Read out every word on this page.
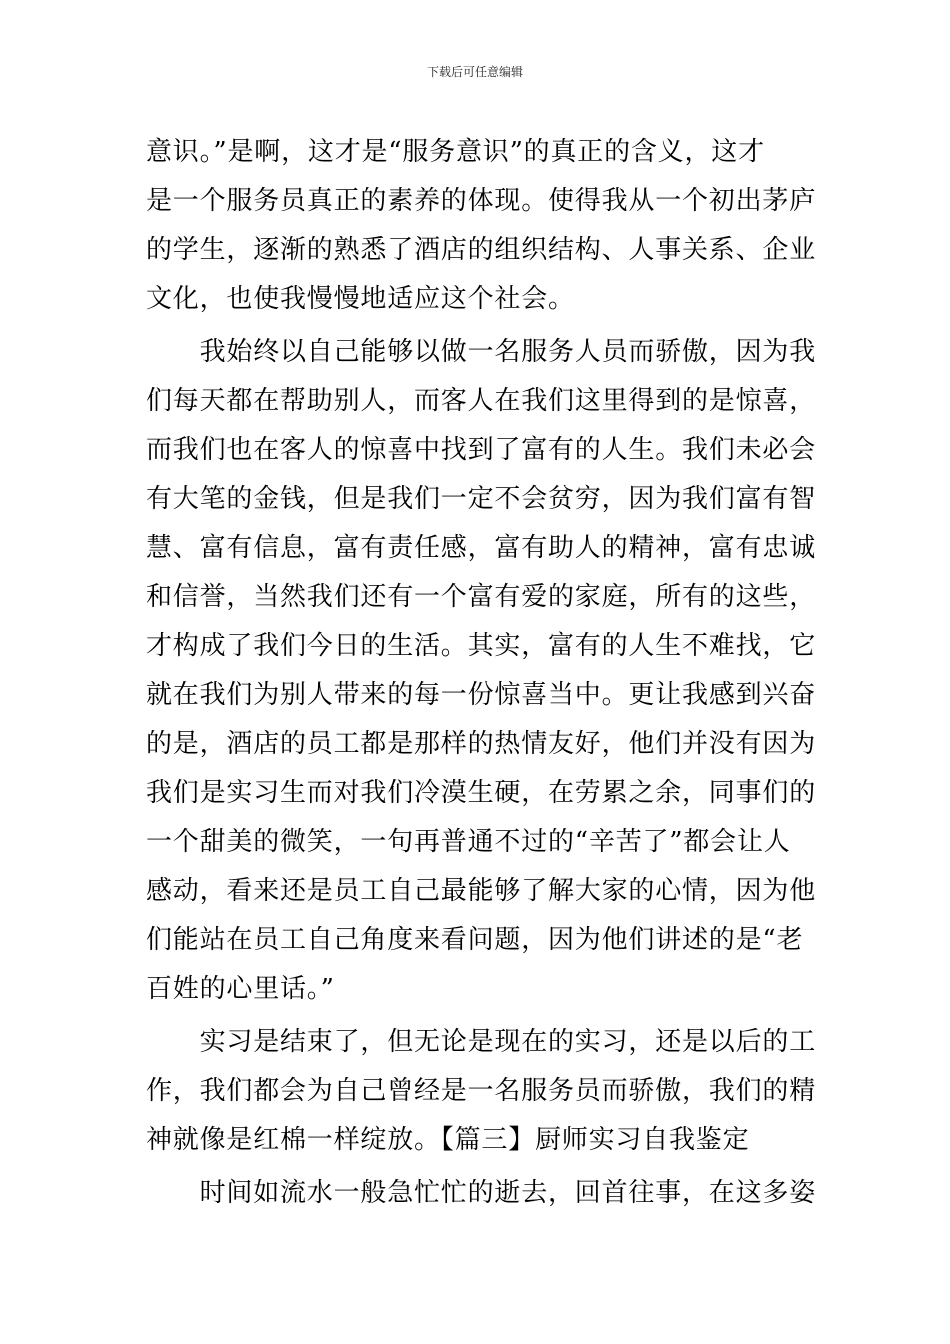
下载后可任意编辑
意识。”是啊，这才是“服务意识”的真正的含义，这才
是一个服务员真正的素养的体现。使得我从一个初出茅庐
的学生，逐渐的熟悉了酒店的组织结构、人事关系、企业
文化，也使我慢慢地适应这个社会。
　　我始终以自己能够以做一名服务人员而骄傲，因为我
们每天都在帮助别人，而客人在我们这里得到的是惊喜，
而我们也在客人的惊喜中找到了富有的人生。我们未必会
有大笔的金钱，但是我们一定不会贫穷，因为我们富有智
慧、富有信息，富有责任感，富有助人的精神，富有忠诚
和信誉，当然我们还有一个富有爱的家庭，所有的这些，
才构成了我们今日的生活。其实，富有的人生不难找，它
就在我们为别人带来的每一份惊喜当中。更让我感到兴奋
的是，酒店的员工都是那样的热情友好，他们并没有因为
我们是实习生而对我们冷漠生硬，在劳累之余，同事们的
一个甜美的微笑，一句再普通不过的“辛苦了”都会让人
感动，看来还是员工自己最能够了解大家的心情，因为他
们能站在员工自己角度来看问题，因为他们讲述的是“老
百姓的心里话。”
　　实习是结束了，但无论是现在的实习，还是以后的工
作，我们都会为自己曾经是一名服务员而骄傲，我们的精
神就像是红棉一样绽放。【篇三】厨师实习自我鉴定
　　时间如流水一般急忙忙的逝去，回首往事，在这多姿
